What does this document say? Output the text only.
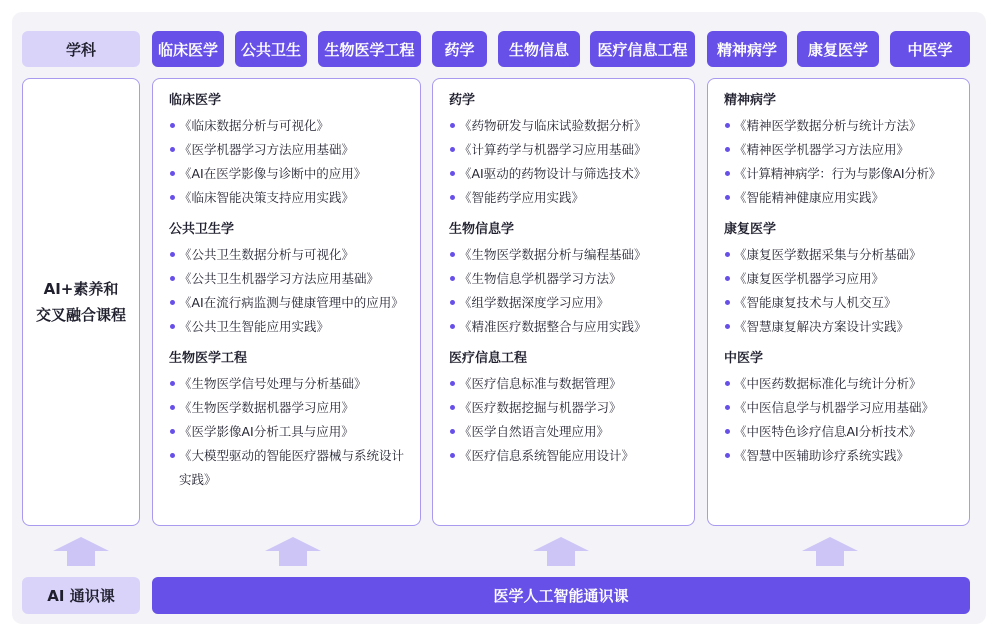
学科	临床医学	公共卫生	生物医学工程	药学	生物信息	医疗信息工程	精神病学	康复医学	中医学
AI+素养和
交叉融合课程
临床医学
《临床数据分析与可视化》
《医学机器学习方法应用基础》
《AI在医学影像与诊断中的应用》
《临床智能决策支持应用实践》
公共卫生学
《公共卫生数据分析与可视化》
《公共卫生机器学习方法应用基础》
《AI在流行病监测与健康管理中的应用》
《公共卫生智能应用实践》
生物医学工程
《生物医学信号处理与分析基础》
《生物医学数据机器学习应用》
《医学影像AI分析工具与应用》
《大模型驱动的智能医疗器械与系统设计实践》
药学
《药物研发与临床试验数据分析》
《计算药学与机器学习应用基础》
《AI驱动的药物设计与筛选技术》
《智能药学应用实践》
生物信息学
《生物医学数据分析与编程基础》
《生物信息学机器学习方法》
《组学数据深度学习应用》
《精准医疗数据整合与应用实践》
医疗信息工程
《医疗信息标准与数据管理》
《医疗数据挖掘与机器学习》
《医学自然语言处理应用》
《医疗信息系统智能应用设计》
精神病学
《精神医学数据分析与统计方法》
《精神医学机器学习方法应用》
《计算精神病学：行为与影像AI分析》
《智能精神健康应用实践》
康复医学
《康复医学数据采集与分析基础》
《康复医学机器学习应用》
《智能康复技术与人机交互》
《智慧康复解决方案设计实践》
中医学
《中医药数据标准化与统计分析》
《中医信息学与机器学习应用基础》
《中医特色诊疗信息AI分析技术》
《智慧中医辅助诊疗系统实践》
AI 通识课	医学人工智能通识课
